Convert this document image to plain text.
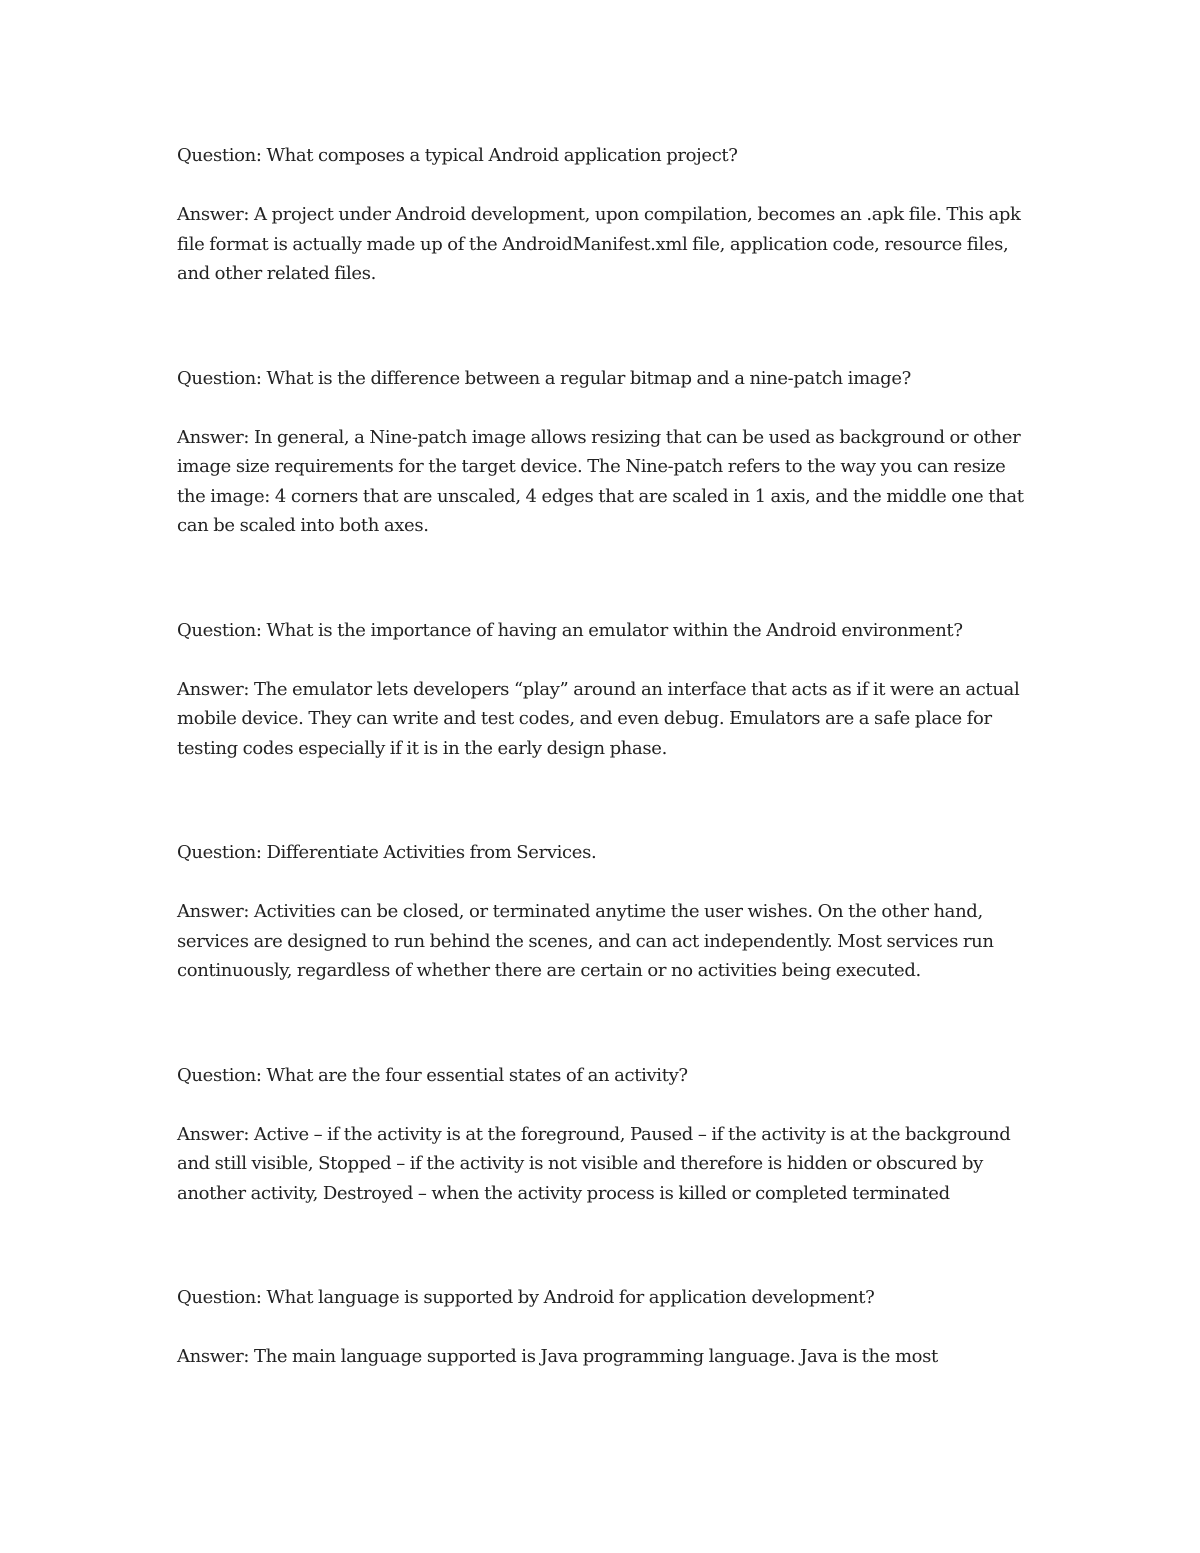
Question: What composes a typical Android application project?

Answer: A project under Android development, upon compilation, becomes an .apk file. This apk file format is actually made up of the AndroidManifest.xml file, application code, resource files, and other related files.

Question: What is the difference between a regular bitmap and a nine-patch image?

Answer: In general, a Nine-patch image allows resizing that can be used as background or other image size requirements for the target device. The Nine-patch refers to the way you can resize the image: 4 corners that are unscaled, 4 edges that are scaled in 1 axis, and the middle one that can be scaled into both axes.

Question: What is the importance of having an emulator within the Android environment?

Answer: The emulator lets developers “play” around an interface that acts as if it were an actual mobile device. They can write and test codes, and even debug. Emulators are a safe place for testing codes especially if it is in the early design phase.

Question: Differentiate Activities from Services.

Answer: Activities can be closed, or terminated anytime the user wishes. On the other hand, services are designed to run behind the scenes, and can act independently. Most services run continuously, regardless of whether there are certain or no activities being executed.

Question: What are the four essential states of an activity?

Answer: Active – if the activity is at the foreground, Paused – if the activity is at the background and still visible, Stopped – if the activity is not visible and therefore is hidden or obscured by another activity, Destroyed – when the activity process is killed or completed terminated

Question: What language is supported by Android for application development?

Answer: The main language supported is Java programming language. Java is the most
